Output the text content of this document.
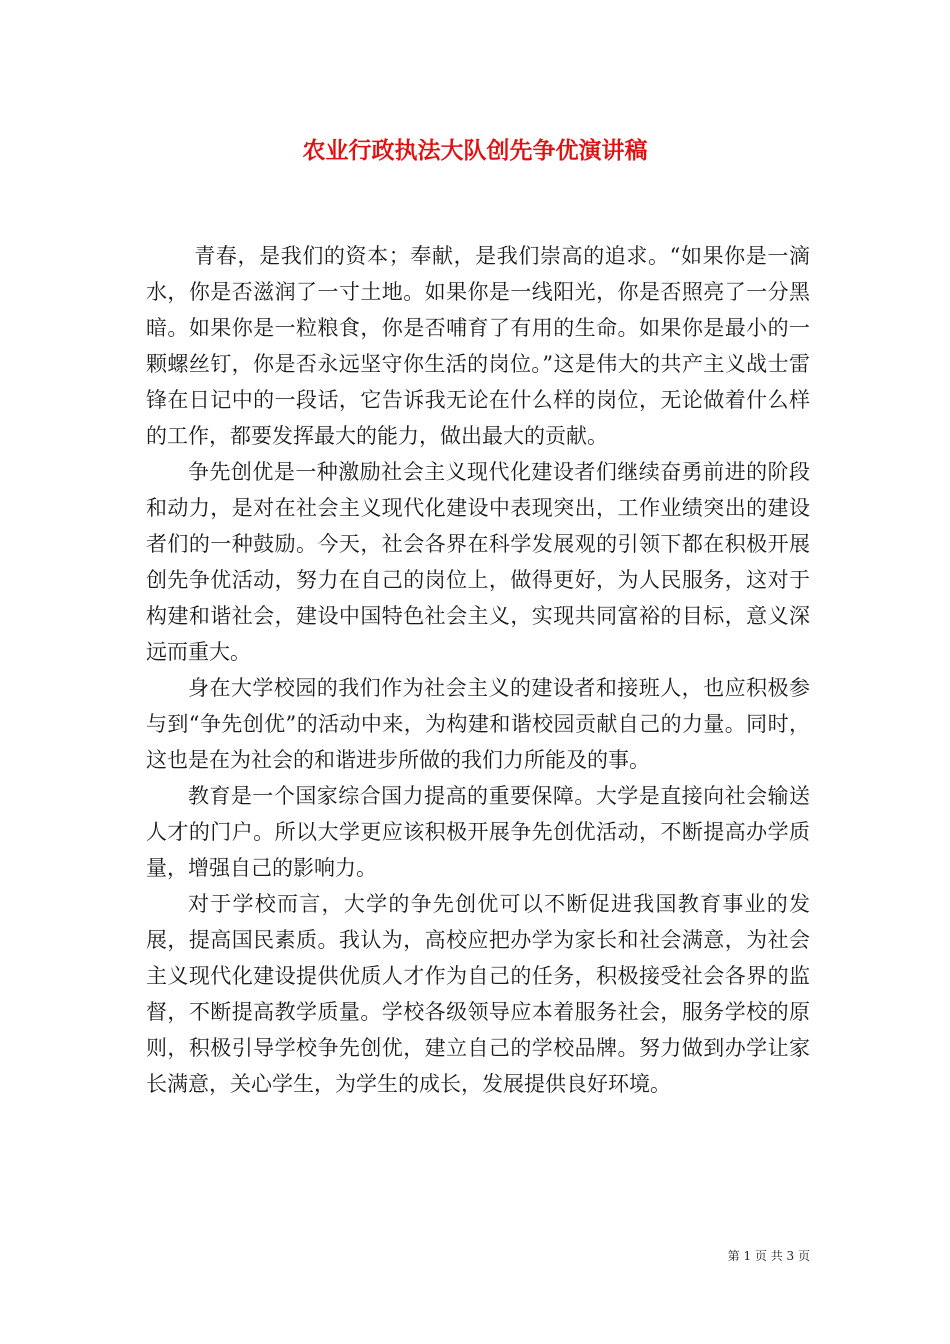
农业行政执法大队创先争优演讲稿

青春，是我们的资本；奉献，是我们崇高的追求。“如果你是一滴水，你是否滋润了一寸土地。如果你是一线阳光，你是否照亮了一分黑暗。如果你是一粒粮食，你是否哺育了有用的生命。如果你是最小的一颗螺丝钉，你是否永远坚守你生活的岗位。”这是伟大的共产主义战士雷锋在日记中的一段话，它告诉我无论在什么样的岗位，无论做着什么样的工作，都要发挥最大的能力，做出最大的贡献。

争先创优是一种激励社会主义现代化建设者们继续奋勇前进的阶段和动力，是对在社会主义现代化建设中表现突出，工作业绩突出的建设者们的一种鼓励。今天，社会各界在科学发展观的引领下都在积极开展创先争优活动，努力在自己的岗位上，做得更好，为人民服务，这对于构建和谐社会，建设中国特色社会主义，实现共同富裕的目标，意义深远而重大。

身在大学校园的我们作为社会主义的建设者和接班人，也应积极参与到“争先创优”的活动中来，为构建和谐校园贡献自己的力量。同时，这也是在为社会的和谐进步所做的我们力所能及的事。

教育是一个国家综合国力提高的重要保障。大学是直接向社会输送人才的门户。所以大学更应该积极开展争先创优活动，不断提高办学质量，增强自己的影响力。

对于学校而言，大学的争先创优可以不断促进我国教育事业的发展，提高国民素质。我认为，高校应把办学为家长和社会满意，为社会主义现代化建设提供优质人才作为自己的任务，积极接受社会各界的监督，不断提高教学质量。学校各级领导应本着服务社会，服务学校的原则，积极引导学校争先创优，建立自己的学校品牌。努力做到办学让家长满意，关心学生，为学生的成长，发展提供良好环境。

第 1 页 共 3 页
